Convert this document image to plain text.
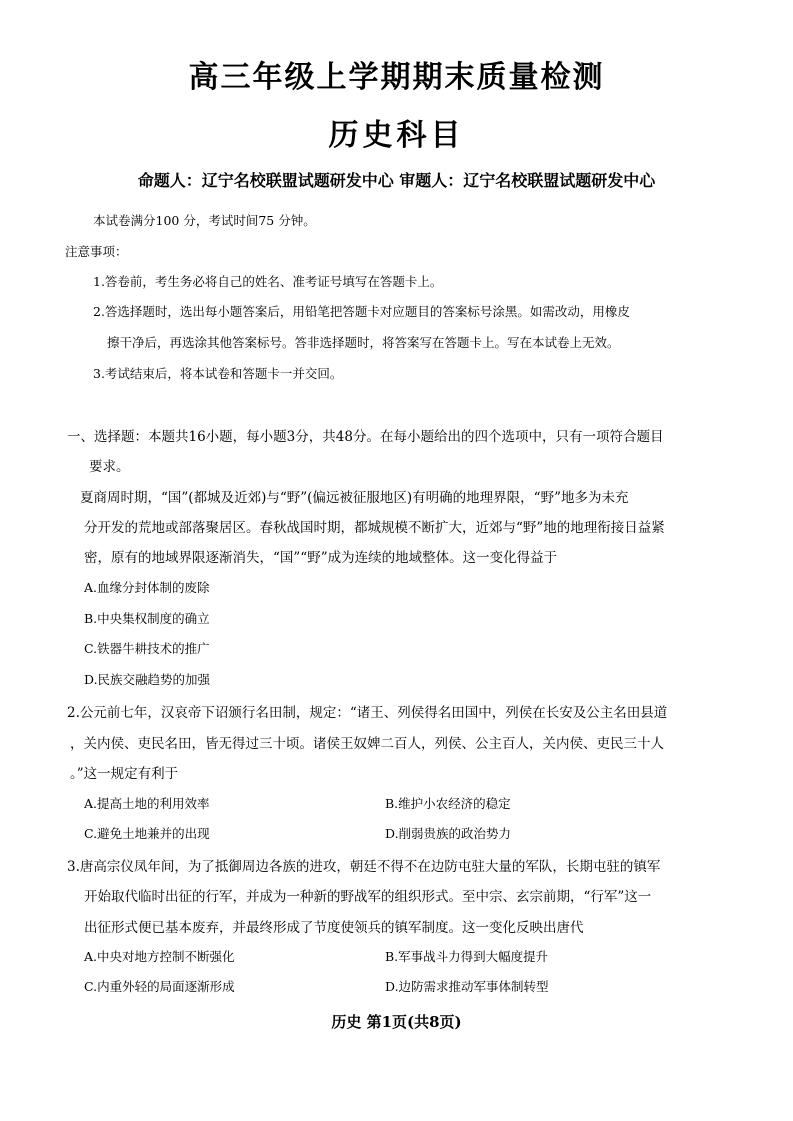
高三年级上学期期末质量检测
历史科目
命题人：辽宁名校联盟试题研发中心 审题人：辽宁名校联盟试题研发中心
本试卷满分100 分，考试时间75 分钟。
注意事项：
1.答卷前，考生务必将自己的姓名、准考证号填写在答题卡上。
2.答选择题时，选出每小题答案后，用铅笔把答题卡对应题目的答案标号涂黑。如需改动，用橡皮
擦干净后，再选涂其他答案标号。答非选择题时，将答案写在答题卡上。写在本试卷上无效。
3.考试结束后，将本试卷和答题卡一并交回。
一、选择题：本题共16小题，每小题3分，共48分。在每小题给出的四个选项中，只有一项符合题目
要求。
夏商周时期，“国”(都城及近郊)与“野”(偏远被征服地区)有明确的地理界限，“野”地多为未充
分开发的荒地或部落聚居区。春秋战国时期，都城规模不断扩大，近郊与“野”地的地理衔接日益紧
密，原有的地域界限逐渐消失，“国”“野”成为连续的地域整体。这一变化得益于
A.血缘分封体制的废除
B.中央集权制度的确立
C.铁器牛耕技术的推广
D.民族交融趋势的加强
2.公元前七年，汉哀帝下诏颁行名田制，规定：“诸王、列侯得名田国中，列侯在长安及公主名田县道
，关内侯、吏民名田，皆无得过三十顷。诸侯王奴婢二百人，列侯、公主百人，关内侯、吏民三十人
。”这一规定有利于
A.提高土地的利用效率	B.维护小农经济的稳定
C.避免土地兼并的出现	D.削弱贵族的政治势力
3.唐高宗仪凤年间，为了抵御周边各族的进攻，朝廷不得不在边防屯驻大量的军队，长期屯驻的镇军
开始取代临时出征的行军，并成为一种新的野战军的组织形式。至中宗、玄宗前期，“行军”这一
出征形式便已基本废弃，并最终形成了节度使领兵的镇军制度。这一变化反映出唐代
A.中央对地方控制不断强化	B.军事战斗力得到大幅度提升
C.内重外轻的局面逐渐形成	D.边防需求推动军事体制转型
历史 第1页(共8页)
